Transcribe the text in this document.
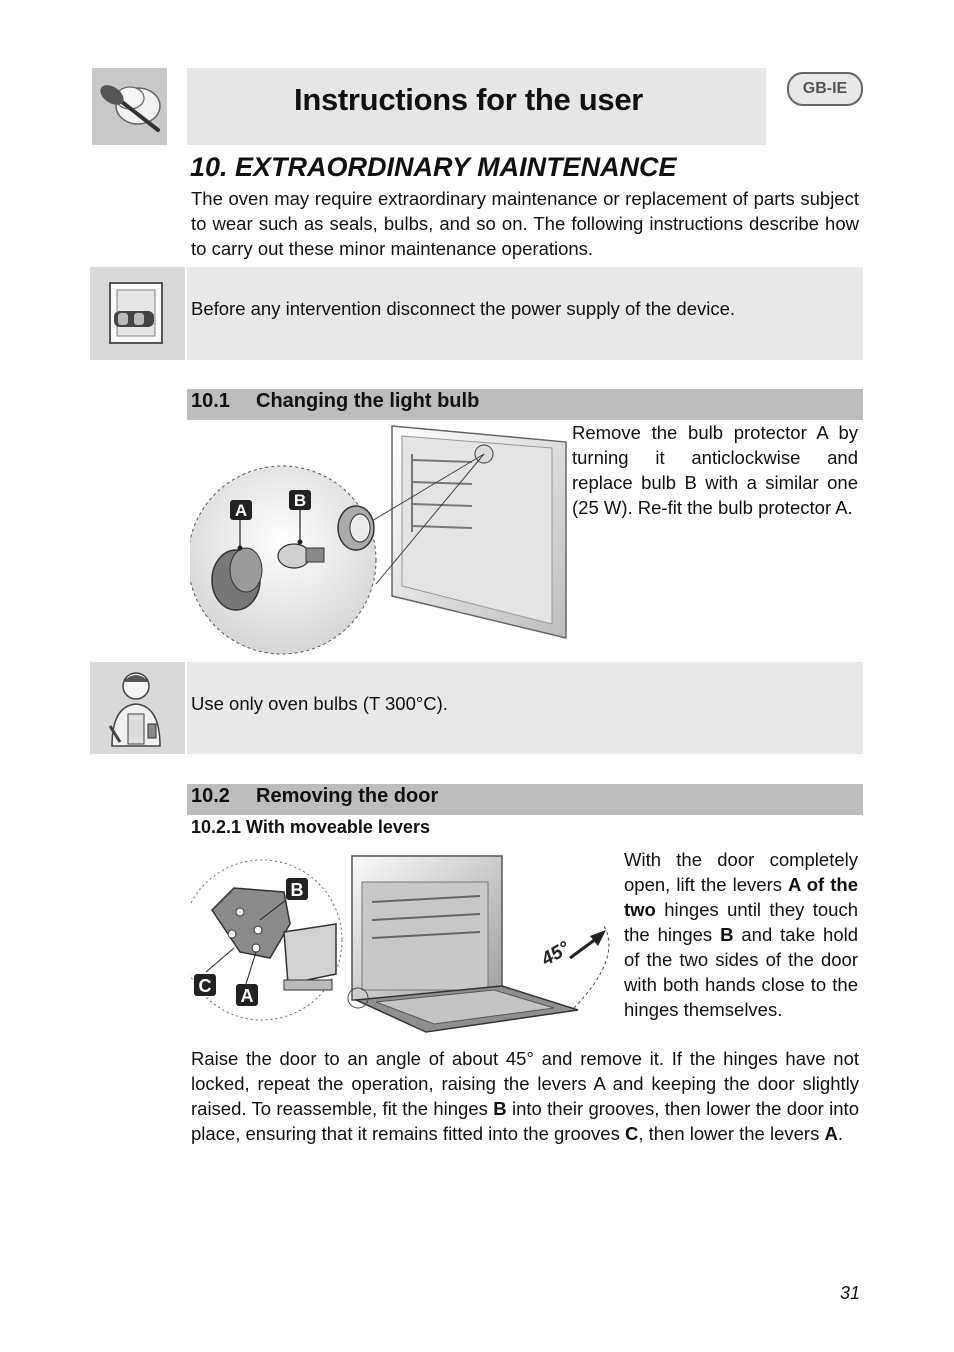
Instructions for the user	GB-IE
10. EXTRAORDINARY MAINTENANCE
The oven may require extraordinary maintenance or replacement of parts subject to wear such as seals, bulbs, and so on. The following instructions describe how to carry out these minor maintenance operations.
Before any intervention disconnect the power supply of the device.
10.1 Changing the light bulb
A
B
Remove the bulb protector A by turning it anticlockwise and replace bulb B with a similar one (25 W). Re-fit the bulb protector A.
Use only oven bulbs (T 300°C).
10.2 Removing the door
10.2.1 With moveable levers
45°
B
C A
With the door completely open, lift the levers A of the two hinges until they touch the hinges B and take hold of the two sides of the door with both hands close to the hinges themselves.
Raise the door to an angle of about 45° and remove it. If the hinges have not locked, repeat the operation, raising the levers A and keeping the door slightly raised. To reassemble, fit the hinges B into their grooves, then lower the door into place, ensuring that it remains fitted into the grooves C, then lower the levers A.
31
